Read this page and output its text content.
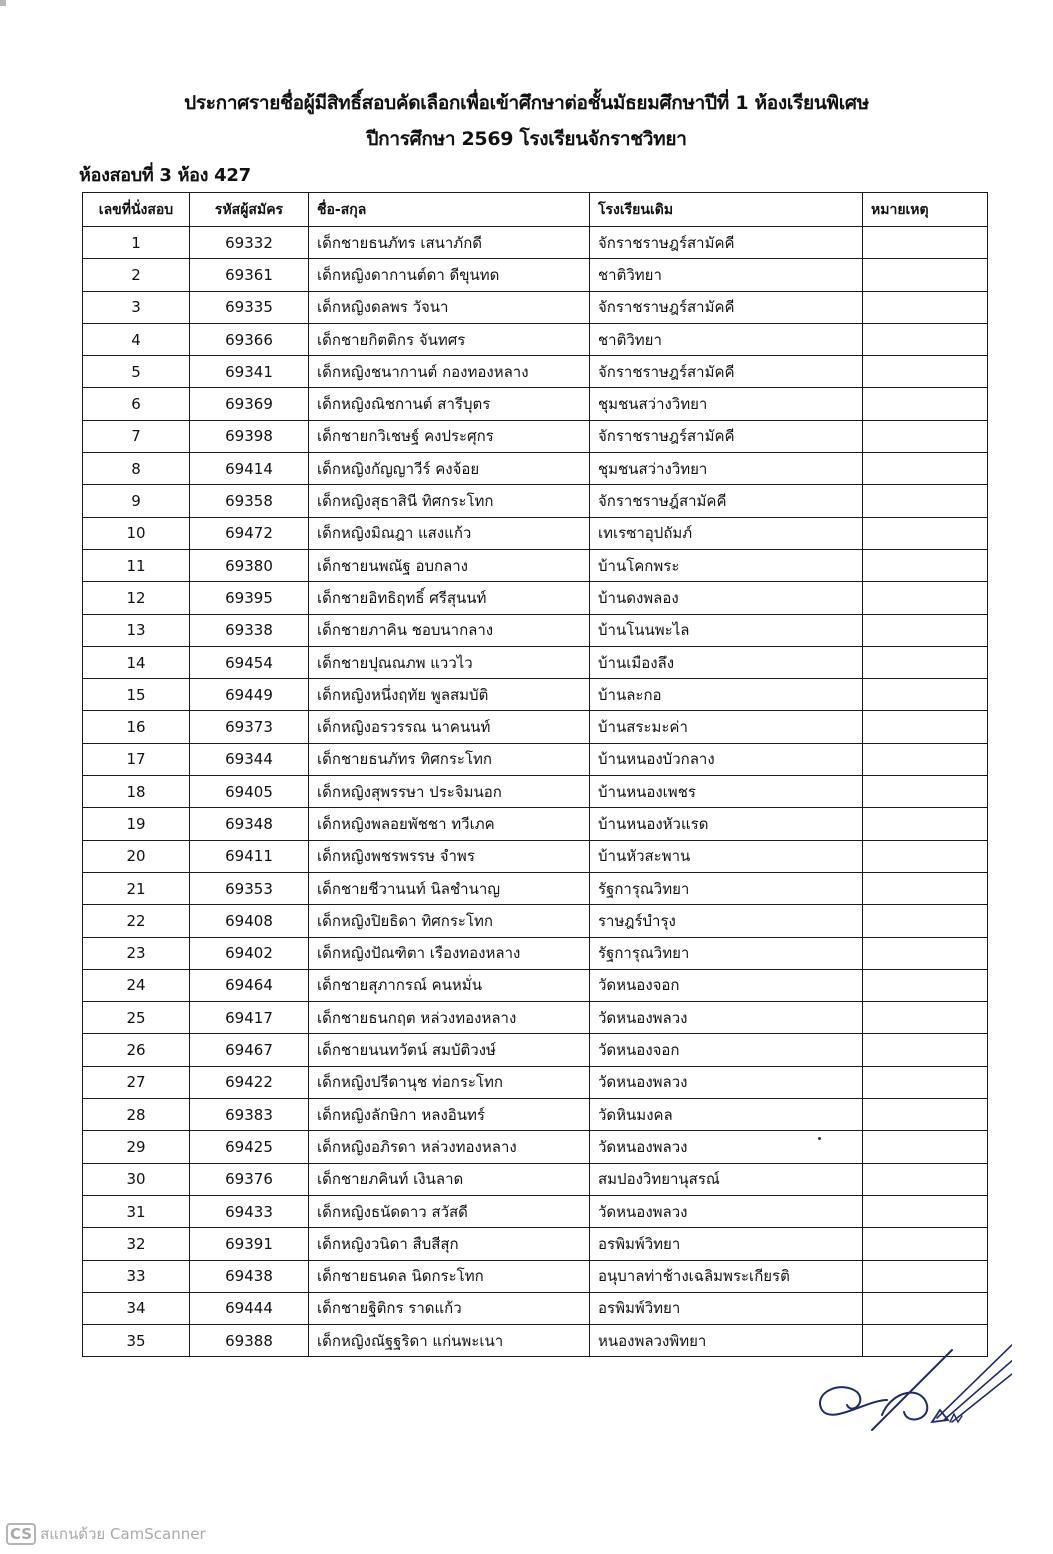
ประกาศรายชื่อผู้มีสิทธิ์สอบคัดเลือกเพื่อเข้าศึกษาต่อชั้นมัธยมศึกษาปีที่ 1 ห้องเรียนพิเศษ
ปีการศึกษา 2569 โรงเรียนจักราชวิทยา
ห้องสอบที่ 3 ห้อง 427
เลขที่นั่งสอบ	รหัสผู้สมัคร	ชื่อ-สกุล	โรงเรียนเดิม	หมายเหตุ
1	69332	เด็กชายธนภัทร เสนาภักดี	จักราชราษฎร์สามัคคี	
2	69361	เด็กหญิงดากานต์ดา ดีขุนทด	ชาติวิทยา	
3	69335	เด็กหญิงดลพร วัจนา	จักราชราษฎร์สามัคคี	
4	69366	เด็กชายกิตติกร จันทศร	ชาติวิทยา	
5	69341	เด็กหญิงชนากานต์ กองทองหลาง	จักราชราษฎร์สามัคคี	
6	69369	เด็กหญิงณิชกานต์ สารีบุตร	ชุมชนสว่างวิทยา	
7	69398	เด็กชายกวิเชษฐ์ คงประศุกร	จักราชราษฎร์สามัคคี	
8	69414	เด็กหญิงกัญญาวีร์ คงจ้อย	ชุมชนสว่างวิทยา	
9	69358	เด็กหญิงสุธาสินี ทิศกระโทก	จักราชราษฎ์สามัคคี	
10	69472	เด็กหญิงมิณฎา แสงแก้ว	เทเรซาอุปถัมภ์	
11	69380	เด็กชายนพณัฐ อบกลาง	บ้านโคกพระ	
12	69395	เด็กชายอิทธิฤทธิ์ ศรีสุนนท์	บ้านดงพลอง	
13	69338	เด็กชายภาคิน ชอบนากลาง	บ้านโนนพะไล	
14	69454	เด็กชายปุณณภพ แววไว	บ้านเมืองลึง	
15	69449	เด็กหญิงหนึ่งฤทัย พูลสมบัติ	บ้านละกอ	
16	69373	เด็กหญิงอรวรรณ นาคนนท์	บ้านสระมะค่า	
17	69344	เด็กชายธนภัทร ทิศกระโทก	บ้านหนองบัวกลาง	
18	69405	เด็กหญิงสุพรรษา ประจิมนอก	บ้านหนองเพชร	
19	69348	เด็กหญิงพลอยพัชชา ทวีเภค	บ้านหนองหัวแรด	
20	69411	เด็กหญิงพชรพรรษ จำพร	บ้านหัวสะพาน	
21	69353	เด็กชายชีวานนท์ นิลชำนาญ	รัฐการุณวิทยา	
22	69408	เด็กหญิงปิยธิดา ทิศกระโทก	ราษฎร์บำรุง	
23	69402	เด็กหญิงปัณฑิตา เรืองทองหลาง	รัฐการุณวิทยา	
24	69464	เด็กชายสุภากรณ์ คนหมั่น	วัดหนองจอก	
25	69417	เด็กชายธนกฤต หล่วงทองหลาง	วัดหนองพลวง	
26	69467	เด็กชายนนทวัตน์ สมบัติวงษ์	วัดหนองจอก	
27	69422	เด็กหญิงปรีดานุช ท่อกระโทก	วัดหนองพลวง	
28	69383	เด็กหญิงลักษิกา หลงอินทร์	วัดหินมงคล	
29	69425	เด็กหญิงอภิรดา หล่วงทองหลาง	วัดหนองพลวง	
30	69376	เด็กชายภคินท์ เงินลาด	สมปองวิทยานุสรณ์	
31	69433	เด็กหญิงธนัดดาว สวัสดี	วัดหนองพลวง	
32	69391	เด็กหญิงวนิดา สืบสีสุก	อรพิมพ์วิทยา	
33	69438	เด็กชายธนดล นิดกระโทก	อนุบาลท่าช้างเฉลิมพระเกียรติ	
34	69444	เด็กชายฐิติกร ราดแก้ว	อรพิมพ์วิทยา	
35	69388	เด็กหญิงณัฐฐริดา แก่นพะเนา	หนองพลวงพิทยา	
CS สแกนด้วย CamScanner
